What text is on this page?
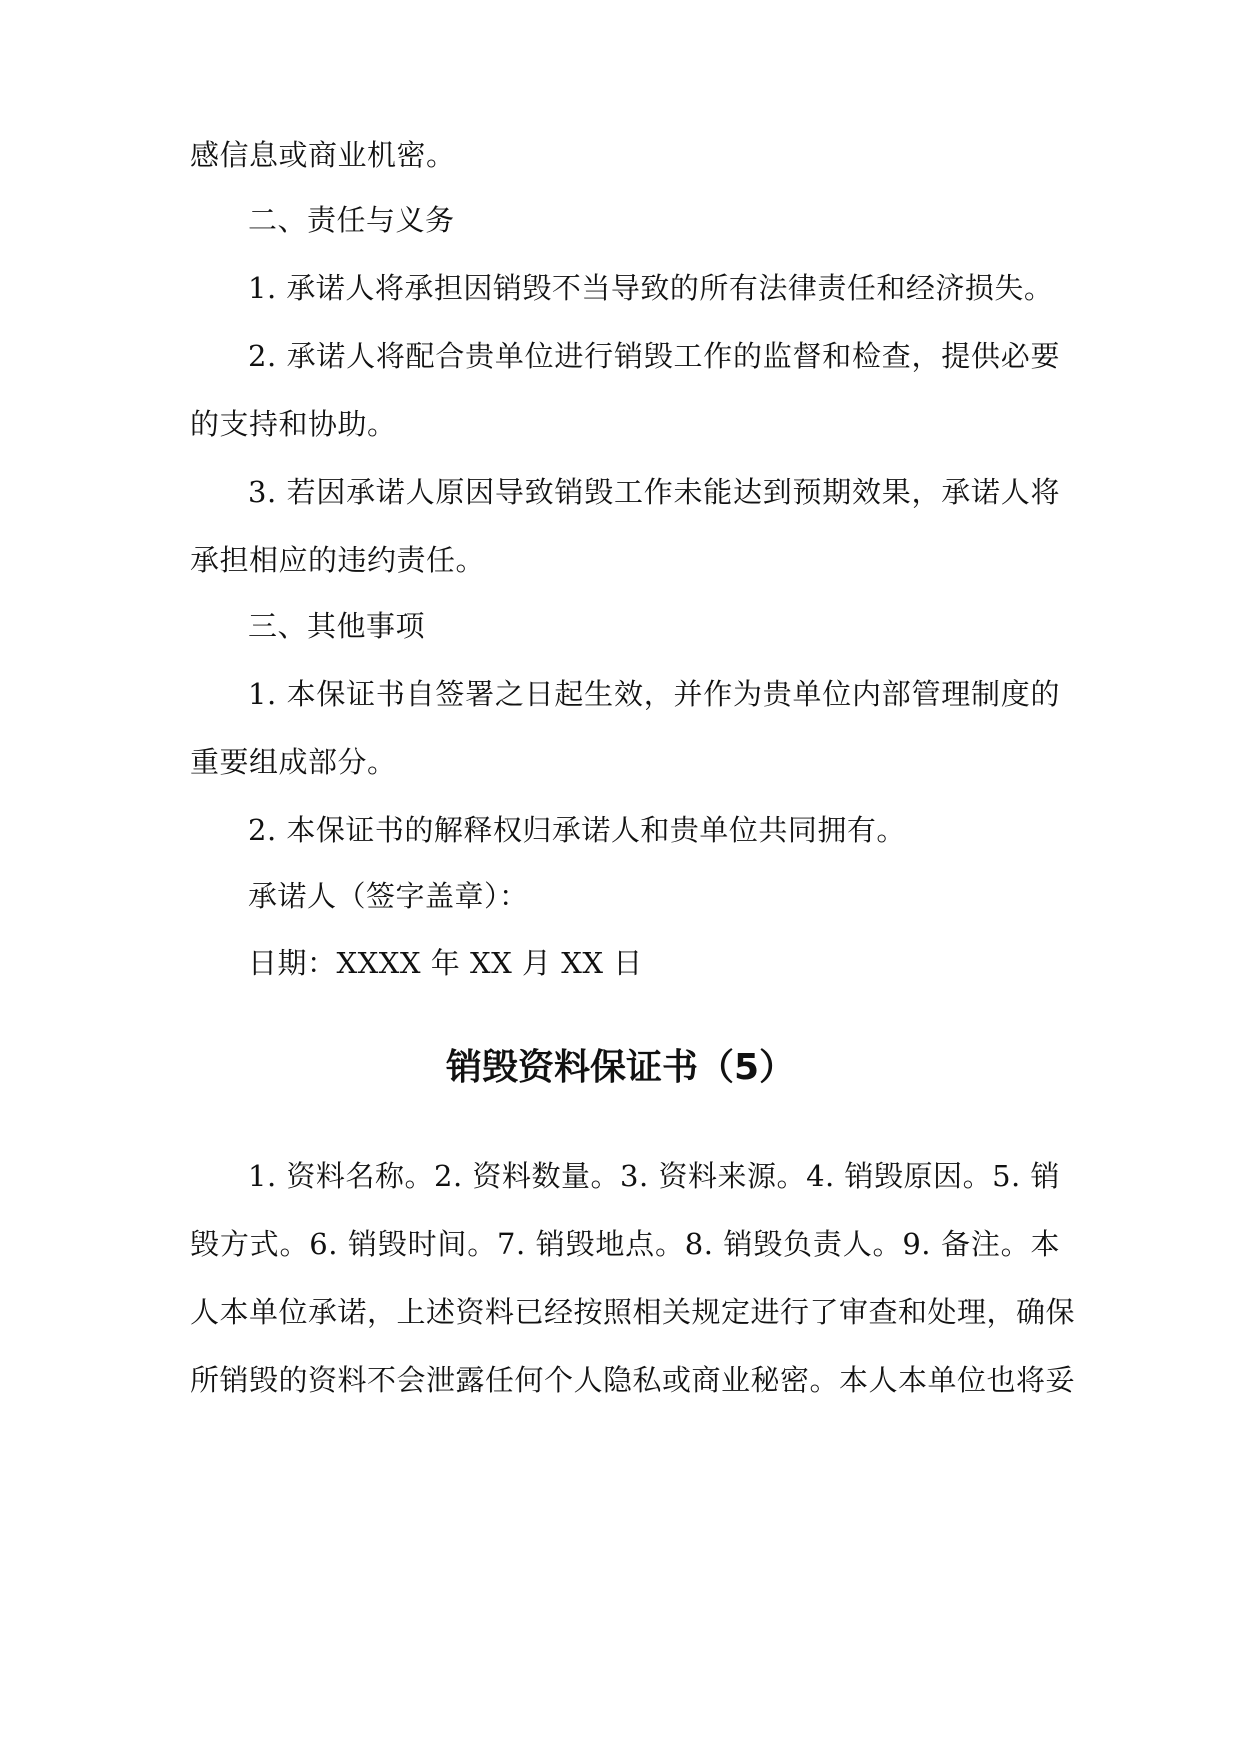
感信息或商业机密。
二、责任与义务
1. 承诺人将承担因销毁不当导致的所有法律责任和经济损失。
2. 承诺人将配合贵单位进行销毁工作的监督和检查，提供必要
的支持和协助。
3. 若因承诺人原因导致销毁工作未能达到预期效果，承诺人将
承担相应的违约责任。
三、其他事项
1. 本保证书自签署之日起生效，并作为贵单位内部管理制度的
重要组成部分。
2. 本保证书的解释权归承诺人和贵单位共同拥有。
承诺人（签字盖章）：
日期：XXXX 年 XX 月 XX 日
销毁资料保证书（5）
1. 资料名称。2. 资料数量。3. 资料来源。4. 销毁原因。5. 销
毁方式。6. 销毁时间。7. 销毁地点。8. 销毁负责人。9. 备注。本
人本单位承诺，上述资料已经按照相关规定进行了审查和处理，确保
所销毁的资料不会泄露任何个人隐私或商业秘密。本人本单位也将妥
